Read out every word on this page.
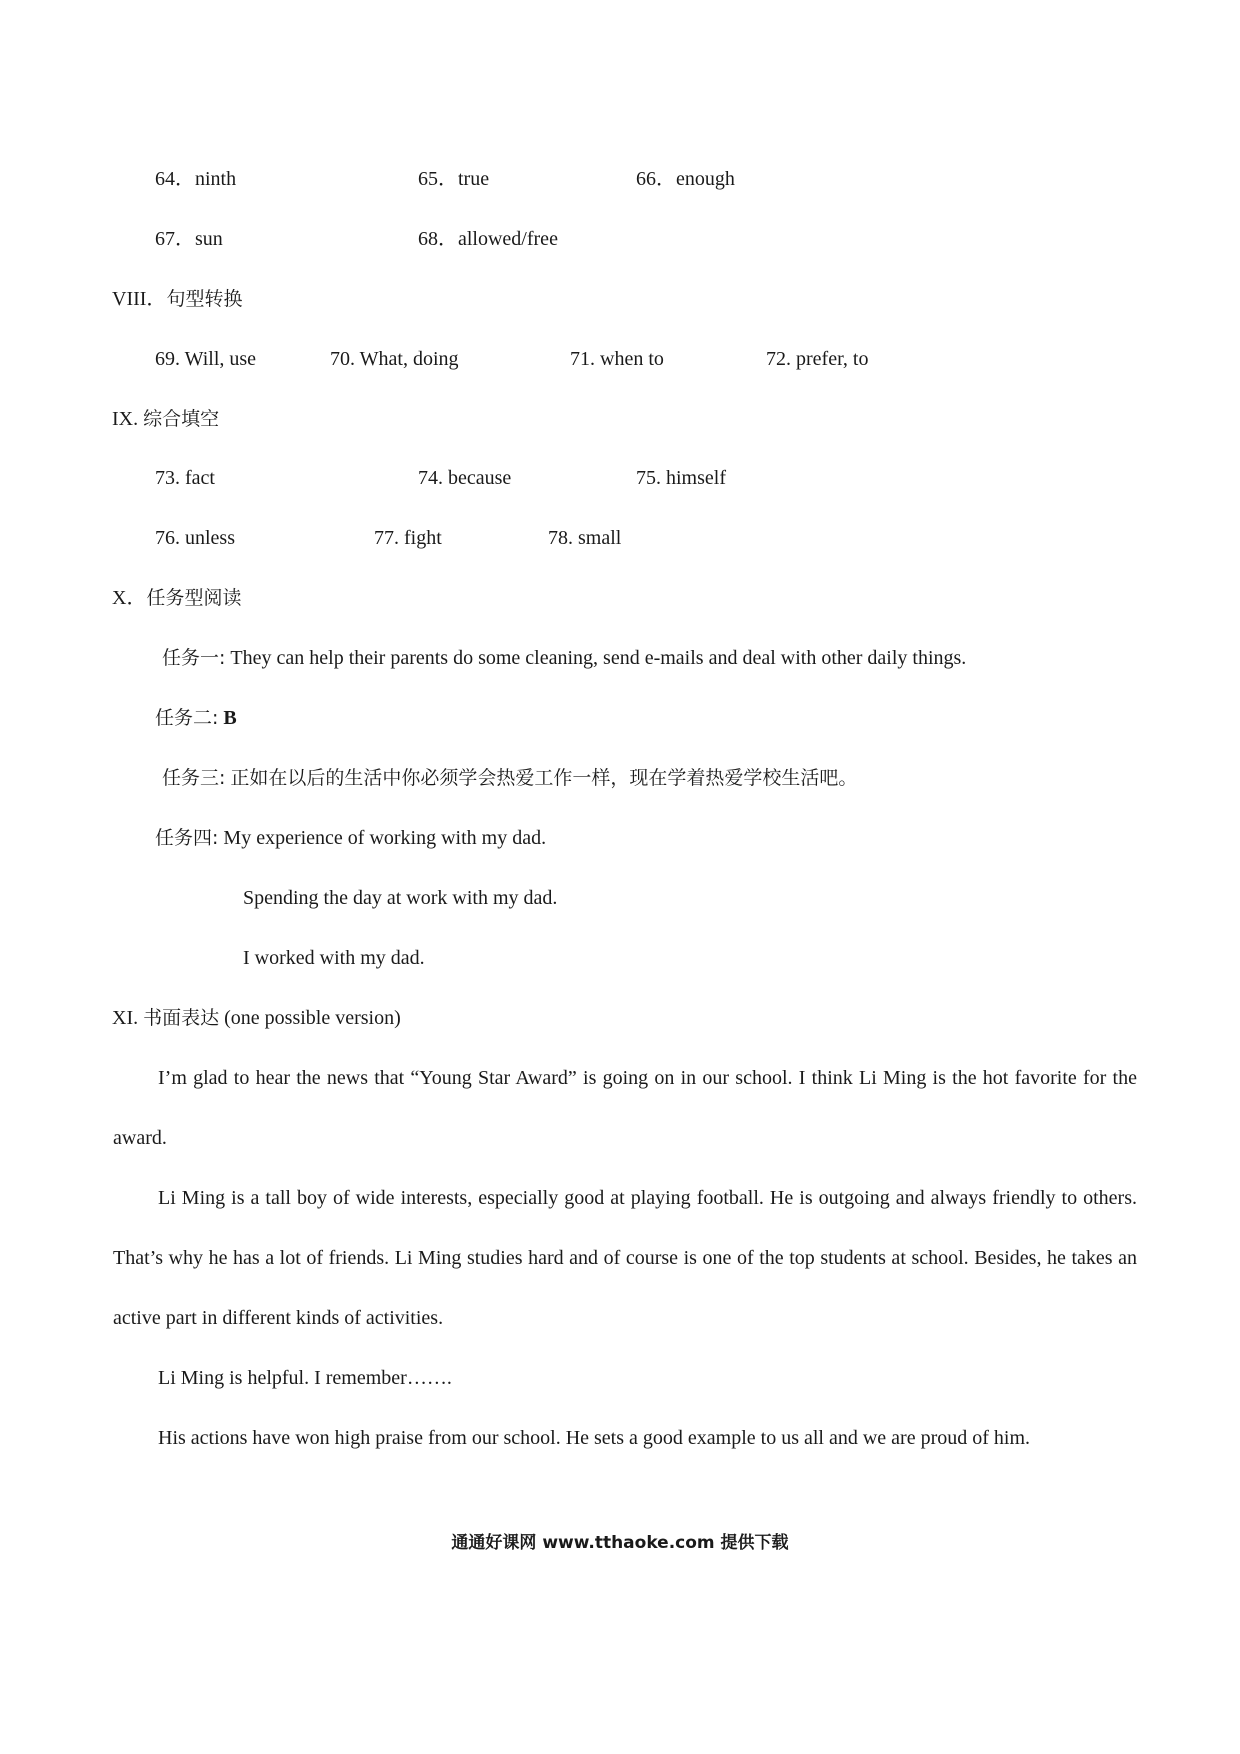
64．ninth	65．true	66．enough
67．sun	68．allowed/free
VIII．句型转换
69. Will, use	70. What, doing	71. when to	72. prefer, to
IX. 综合填空
73. fact	74. because	75. himself
76. unless	77. fight	78. small
X．任务型阅读
任务一: They can help their parents do some cleaning, send e-mails and deal with other daily things.
任务二: B
任务三: 正如在以后的生活中你必须学会热爱工作一样，现在学着热爱学校生活吧。
任务四: My experience of working with my dad.
Spending the day at work with my dad.
I worked with my dad.
XI. 书面表达 (one possible version)
I’m glad to hear the news that “Young Star Award” is going on in our school. I think Li Ming is the hot favorite for the award.
Li Ming is a tall boy of wide interests, especially good at playing football. He is outgoing and always friendly to others. That’s why he has a lot of friends. Li Ming studies hard and of course is one of the top students at school. Besides, he takes an active part in different kinds of activities.
Li Ming is helpful. I remember…….
His actions have won high praise from our school. He sets a good example to us all and we are proud of him.
通通好课网 www.tthaoke.com 提供下载
